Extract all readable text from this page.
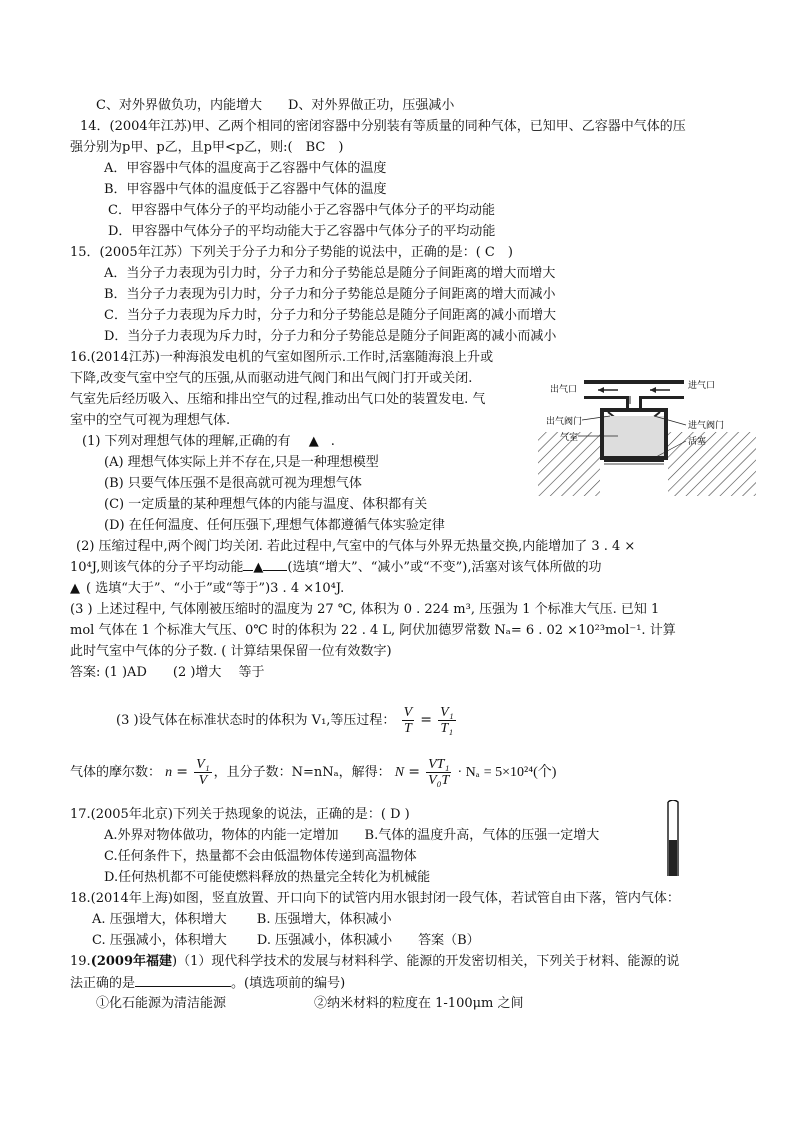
C、对外界做负功，内能增大　　D、对外界做正功，压强减小
14．(2004年江苏)甲、乙两个相同的密闭容器中分别装有等质量的同种气体，已知甲、乙容器中气体的压
强分别为p甲、p乙，且p甲<p乙，则:(　BC　)
A．甲容器中气体的温度高于乙容器中气体的温度
B．甲容器中气体的温度低于乙容器中气体的温度
C．甲容器中气体分子的平均动能小于乙容器中气体分子的平均动能
D．甲容器中气体分子的平均动能大于乙容器中气体分子的平均动能
15．(2005年江苏）下列关于分子力和分子势能的说法中，正确的是：( C　)
A．当分子力表现为引力时，分子力和分子势能总是随分子间距离的增大而增大
B．当分子力表现为引力时，分子力和分子势能总是随分子间距离的增大而减小
C．当分子力表现为斥力时，分子力和分子势能总是随分子间距离的减小而增大
D．当分子力表现为斥力时，分子力和分子势能总是随分子间距离的减小而减小
16.(2014江苏)一种海浪发电机的气室如图所示.工作时,活塞随海浪上升或
下降,改变气室中空气的压强,从而驱动进气阀门和出气阀门打开或关闭.
气室先后经历吸入、压缩和排出空气的过程,推动出气口处的装置发电. 气
室中的空气可视为理想气体.
(1) 下列对理想气体的理解,正确的有 ▲ .
(A) 理想气体实际上并不存在,只是一种理想模型
(B) 只要气体压强不是很高就可视为理想气体
(C) 一定质量的某种理想气体的内能与温度、体积都有关
(D) 在任何温度、任何压强下,理想气体都遵循气体实验定律
(2) 压缩过程中,两个阀门均关闭. 若此过程中,气室中的气体与外界无热量交换,内能增加了 3 . 4 ×
10⁴J,则该气体的分子平均动能 ▲ (选填“增大”、“减小”或“不变”),活塞对该气体所做的功
▲ ( 选填“大于”、“小于”或“等于”)3 . 4 ×10⁴J.
(3 ) 上述过程中, 气体刚被压缩时的温度为 27 ℃, 体积为 0 . 224 m³, 压强为 1 个标准大气压. 已知 1
mol 气体在 1 个标准大气压、0℃ 时的体积为 22 . 4 L, 阿伏加德罗常数 Nₐ= 6 . 02 ×10²³mol⁻¹. 计算
此时气室中气体的分子数. ( 计算结果保留一位有效数字)
答案: (1 )AD　　(2 )增大　 等于
(3 )设气体在标准状态时的体积为 V₁,等压过程： $\frac{V}{T} = \frac{\text{V₁}}{\text{T₁}}$
气体的摩尔数： $n = \frac{\text{V₁}}{V}$ ，且分子数：N=nNₐ，解得： $N = \frac{\text{VT₁}}{\text{V₀T}} \cdot N_a = 5\times 10^{24}$(个)
17.(2005年北京)下列关于热现象的说法，正确的是：( D )
A.外界对物体做功，物体的内能一定增加　　B.气体的温度升高，气体的压强一定增大
C.任何条件下，热量都不会由低温物体传递到高温物体
D.任何热机都不可能使燃料释放的热量完全转化为机械能
18.(2014年上海)如图，竖直放置、开口向下的试管内用水银封闭一段气体，若试管自由下落，管内气体：
A. 压强增大，体积增大　　 B. 压强增大，体积减小
C. 压强减小，体积增大　　 D. 压强减小，体积减小　　答案（B）
19.(2009年福建)（1）现代科学技术的发展与材料科学、能源的开发密切相关，下列关于材料、能源的说
法正确的是	。(填选项前的编号)
①化石能源为清洁能源	②纳米材料的粒度在 1-100μm 之间
出气口	进气口
出气阀门	进气阀门
气室	活塞
